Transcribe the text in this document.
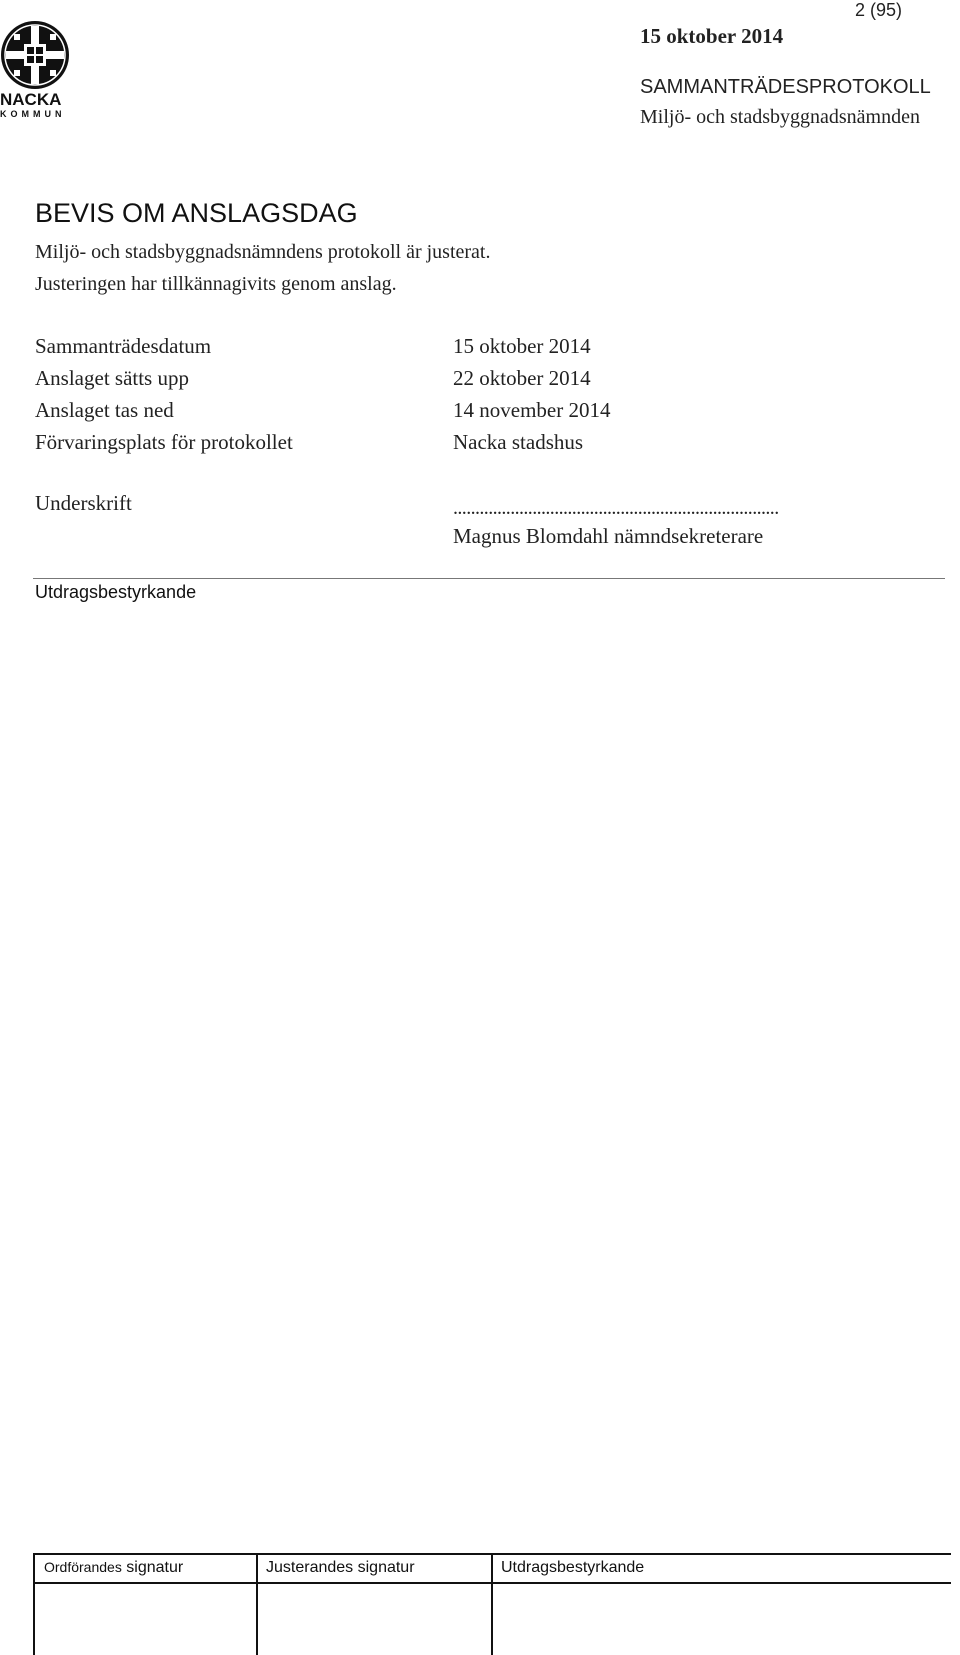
NACKA
KOMMUN
2 (95)
15 oktober 2014
SAMMANTRÄDESPROTOKOLL
Miljö- och stadsbyggnadsnämnden
BEVIS OM ANSLAGSDAG
Miljö- och stadsbyggnadsnämndens protokoll är justerat.
Justeringen har tillkännagivits genom anslag.
Sammanträdesdatum	15 oktober 2014
Anslaget sätts upp	22 oktober 2014
Anslaget tas ned	14 november 2014
Förvaringsplats för protokollet	Nacka stadshus
Underskrift	..........................................................................
Magnus Blomdahl nämndsekreterare
Utdragsbestyrkande
Ordförandes signatur	Justerandes signatur	Utdragsbestyrkande
